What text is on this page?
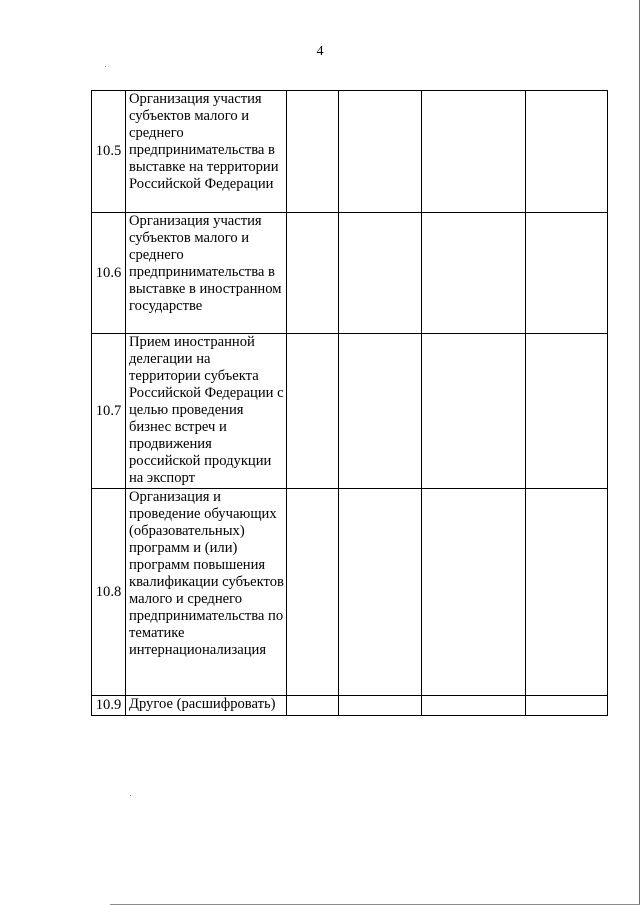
4
10.5	Организация участия субъектов малого и среднего предпринимательства в выставке на территории Российской Федерации				
10.6	Организация участия субъектов малого и среднего предпринимательства в выставке в иностранном государстве				
10.7	Прием иностранной делегации на территории субъекта Российской Федерации с целью проведения бизнес встреч и продвижения российской продукции на экспорт				
10.8	Организация и проведение обучающих (образовательных) программ и (или) программ повышения квалификации субъектов малого и среднего предпринимательства по тематике интернационализация				
10.9	Другое (расшифровать)				
